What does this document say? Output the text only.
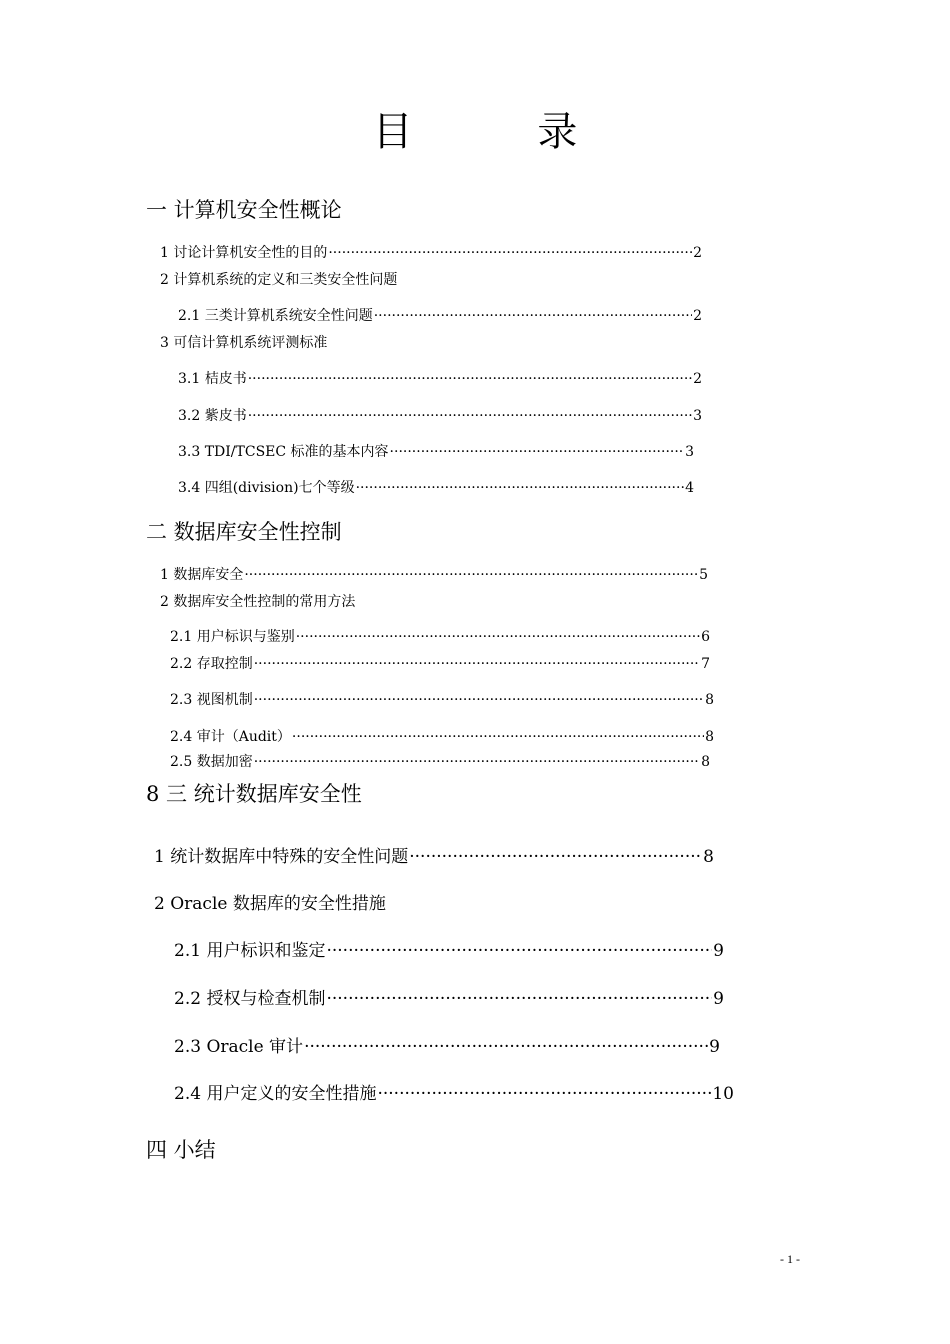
目 录
一 计算机安全性概论
1 讨论计算机安全性的目的 ·····	2
2 计算机系统的定义和三类安全性问题
2.1 三类计算机系统安全性问题 ·····	2
3 可信计算机系统评测标准
3.1 桔皮书 ·····	2
3.2 紫皮书 ·····	3
3.3 TDI/TCSEC 标准的基本内容 ·····	3
3.4 四组(division)七个等级 ·····	4
二 数据库安全性控制
1 数据库安全 ·····	5
2 数据库安全性控制的常用方法
2.1 用户标识与鉴别 ·····	6
2.2 存取控制 ·····	7
2.3 视图机制 ·····	8
2.4 审计（Audit） ·····	8
2.5 数据加密 ·····	8
8 三 统计数据库安全性
1 统计数据库中特殊的安全性问题 ·····	8
2 Oracle 数据库的安全性措施
2.1 用户标识和鉴定 ·····	9
2.2 授权与检查机制 ·····	9
2.3 Oracle 审计 ·····	9
2.4 用户定义的安全性措施 ·····	10
四 小结
- 1 -
